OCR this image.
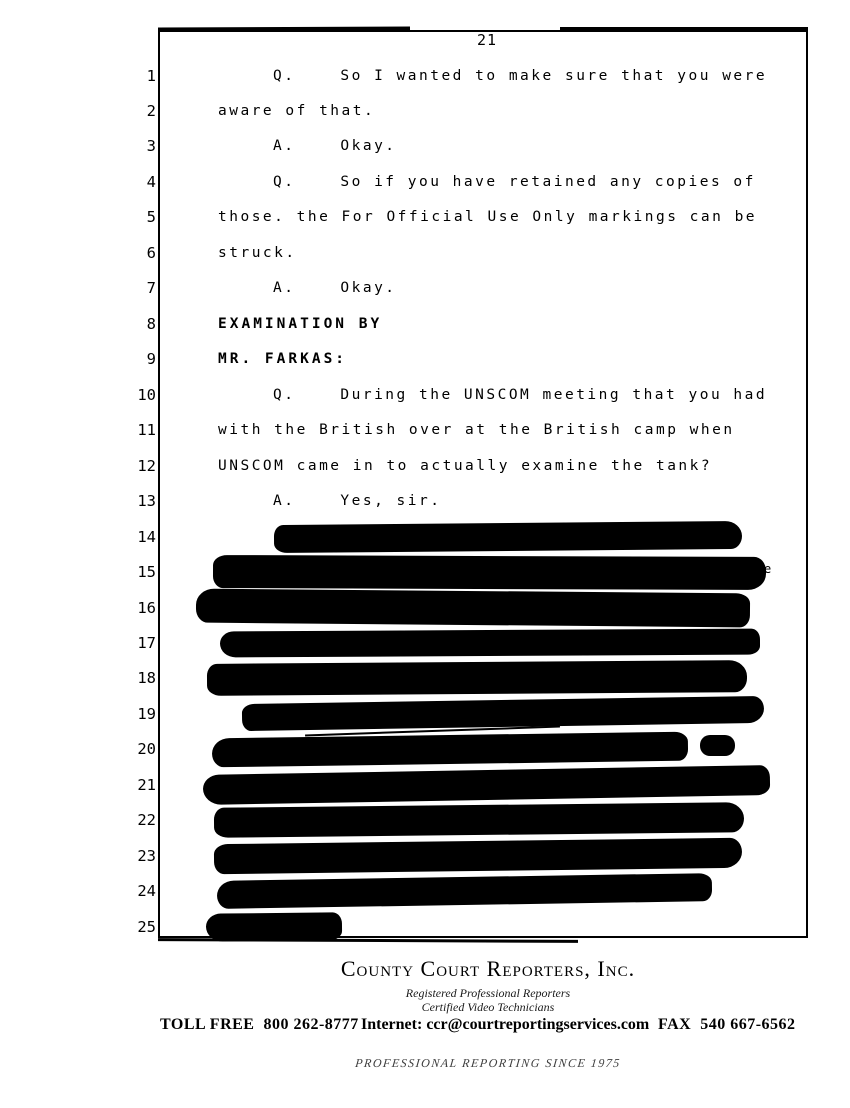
21
1	Q.    So I wanted to make sure that you were
2	aware of that.
3	A.    Okay.
4	Q.    So if you have retained any copies of
5	those. the For Official Use Only markings can be
6	struck.
7	A.    Okay.
8	EXAMINATION BY
9	MR. FARKAS:
10	Q.    During the UNSCOM meeting that you had
11	with the British over at the British camp when
12	UNSCOM came in to actually examine the tank?
13	A.    Yes, sir.
14
15	e
16
17
18
19
20
21
22
23
24
25
County Court Reporters, Inc.
Registered Professional Reporters
Certified Video Technicians
TOLL FREE  800 262-8777 Internet: ccr@courtreportingservices.com FAX  540 667-6562
PROFESSIONAL REPORTING SINCE 1975
